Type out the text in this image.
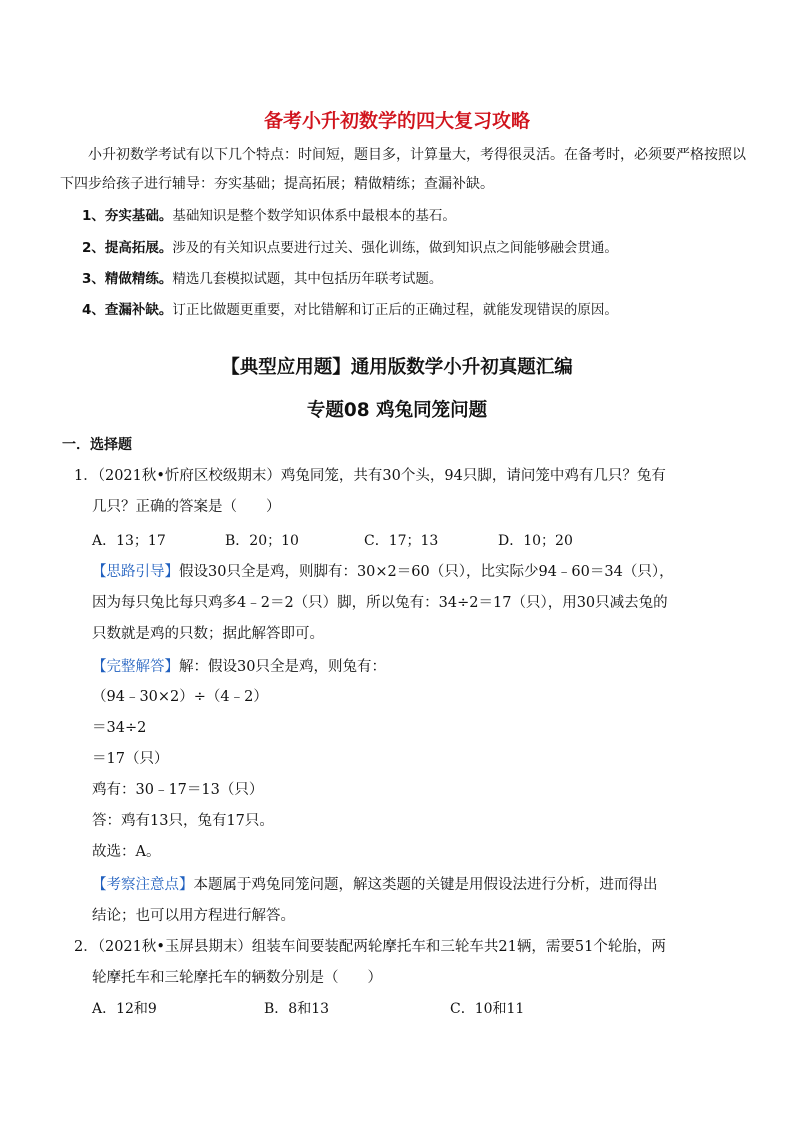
备考小升初数学的四大复习攻略
小升初数学考试有以下几个特点：时间短，题目多，计算量大，考得很灵活。在备考时，必须要严格按照以下四步给孩子进行辅导：夯实基础；提高拓展；精做精练；查漏补缺。
1、夯实基础。基础知识是整个数学知识体系中最根本的基石。
2、提高拓展。涉及的有关知识点要进行过关、强化训练，做到知识点之间能够融会贯通。
3、精做精练。精选几套模拟试题，其中包括历年联考试题。
4、查漏补缺。订正比做题更重要，对比错解和订正后的正确过程，就能发现错误的原因。
【典型应用题】通用版数学小升初真题汇编
专题08 鸡兔同笼问题
一．选择题
1．（2021秋•忻府区校级期末）鸡兔同笼，共有30个头，94只脚，请问笼中鸡有几只？兔有
几只？正确的答案是（　　）
A．13；17	B．20；10	C．17；13	D．10；20
【思路引导】假设30只全是鸡，则脚有：30×2＝60（只），比实际少94﹣60＝34（只），
因为每只兔比每只鸡多4﹣2＝2（只）脚，所以兔有：34÷2＝17（只），用30只减去兔的
只数就是鸡的只数；据此解答即可。
【完整解答】解：假设30只全是鸡，则兔有：
（94﹣30×2）÷（4﹣2）
＝34÷2
＝17（只）
鸡有：30﹣17＝13（只）
答：鸡有13只，兔有17只。
故选：A。
【考察注意点】本题属于鸡兔同笼问题，解这类题的关键是用假设法进行分析，进而得出
结论；也可以用方程进行解答。
2．（2021秋•玉屏县期末）组装车间要装配两轮摩托车和三轮车共21辆，需要51个轮胎，两
轮摩托车和三轮摩托车的辆数分别是（　　）
A．12和9	B．8和13	C．10和11
